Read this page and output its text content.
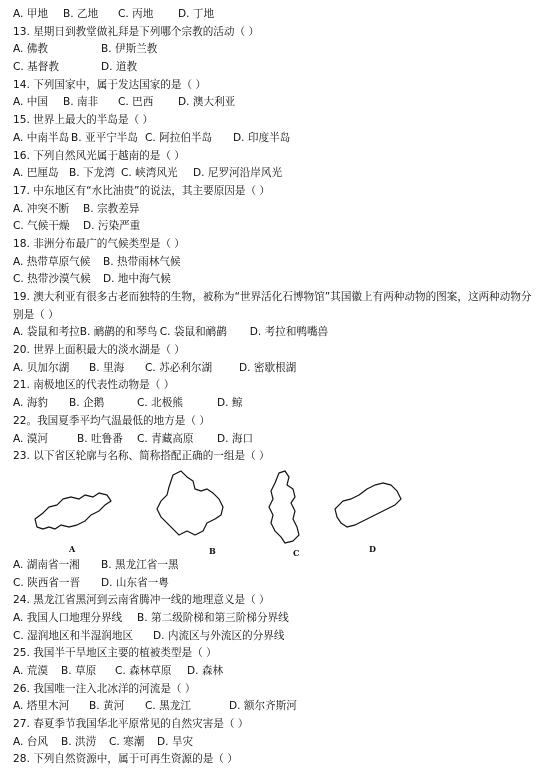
A. 甲地 B. 乙地 C. 丙地 D. 丁地
13. 星期日到教堂做礼拜是下列哪个宗教的活动（ ）
A. 佛教	B. 伊斯兰教
C. 基督教	D. 道教
14. 下列国家中，属于发达国家的是（ ）
A. 中国 B. 南非 C. 巴西 D. 澳大利亚
15. 世界上最大的半岛是（ ）
A. 中南半岛 B. 亚平宁半岛 C. 阿拉伯半岛 D. 印度半岛
16. 下列自然风光属于越南的是（ ）
A. 巴厘岛 B. 下龙湾 C. 峡湾风光 D. 尼罗河沿岸风光
17. 中东地区有“水比油贵”的说法，其主要原因是（ ）
A. 冲突不断 B. 宗教差异
C. 气候干燥 D. 污染严重
18. 非洲分布最广的气候类型是（ ）
A. 热带草原气候 B. 热带雨林气候
C. 热带沙漠气候 D. 地中海气候
19. 澳大利亚有很多古老而独特的生物，被称为“世界活化石博物馆”其国徽上有两种动物的图案，这两种动物分别是（ ）
A. 袋鼠和考拉B. 鸸鹋的和琴鸟 C. 袋鼠和鸸鹋 D. 考拉和鸭嘴兽
20. 世界上面积最大的淡水湖是（ ）
A. 贝加尔湖 B. 里海 C. 苏必利尔湖	D. 密歇根湖
21. 南极地区的代表性动物是（ ）
A. 海豹 B. 企鹅	C. 北极熊	D. 鲸
22。我国夏季平均气温最低的地方是（ ）
A. 漠河	B. 吐鲁番 C. 青藏高原 D. 海口
23. 以下省区轮廓与名称、简称搭配正确的一组是（ ）
A	B	C	D
A. 湖南省一湘 B. 黑龙江省一黑
C. 陕西省一晋 D. 山东省一粤
24. 黑龙江省黑河到云南省腾冲一线的地理意义是（ ）
A. 我国人口地理分界线 B. 第二级阶梯和第三阶梯分界线
C. 湿润地区和半湿润地区 D. 内流区与外流区的分界线
25. 我国半干旱地区主要的植被类型是（ ）
A. 荒漠 B. 草原 C. 森林草原 D. 森林
26. 我国唯一注入北冰洋的河流是（ ）
A. 塔里木河 B. 黄河 C. 黑龙江	D. 额尔齐斯河
27. 春夏季节我国华北平原常见的自然灾害是（ ）
A. 台风 B. 洪涝 C. 寒潮 D. 旱灾
28. 下列自然资源中，属于可再生资源的是（ ）
